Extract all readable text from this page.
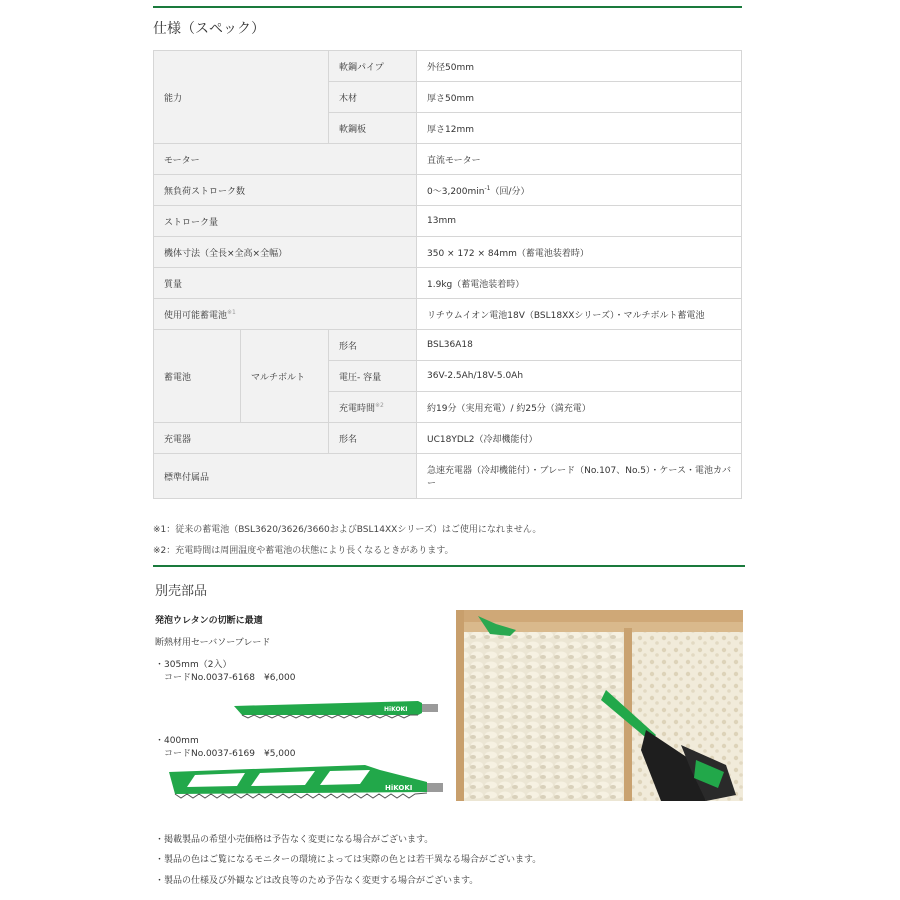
仕様（スペック）
能力		軟鋼パイプ	外径50mm
		木材	厚さ50mm
		軟鋼板	厚さ12mm
モーター			直流モーター
無負荷ストローク数			$0\sim 3,200\min^{-1}$（回/分）
ストローク量			13mm
機体寸法（全長×全高×全幅）			350 × 172 × 84mm（蓄電池装着時）
質量			1.9kg（蓄電池装着時）
使用可能蓄電池$^{※1}$			リチウムイオン電池18V（BSL18XXシリーズ）・マルチボルト蓄電池
蓄電池	マルチボルト	形名	BSL36A18
		電圧- 容量	36V-2.5Ah/18V-5.0Ah
		充電時間$^{※2}$	約19分（実用充電）/ 約25分（満充電）
充電器		形名	UC18YDL2（冷却機能付）
標準付属品			急速充電器（冷却機能付）・ブレード（No.107、No.5）・ケース・電池カバー
※1：従来の蓄電池（BSL3620/3626/3660およびBSL14XXシリーズ）はご使用になれません。
※2：充電時間は周囲温度や蓄電池の状態により長くなるときがあります。
別売部品
発泡ウレタンの切断に最適
断熱材用セーバソーブレード
・305mm（2入）
コードNo.0037-6168　¥6,000
HiKOKI
・400mm
コードNo.0037-6169　¥5,000
HiKOKI
・掲載製品の希望小売価格は予告なく変更になる場合がございます。
・製品の色はご覧になるモニターの環境によっては実際の色とは若干異なる場合がございます。
・製品の仕様及び外観などは改良等のため予告なく変更する場合がございます。
